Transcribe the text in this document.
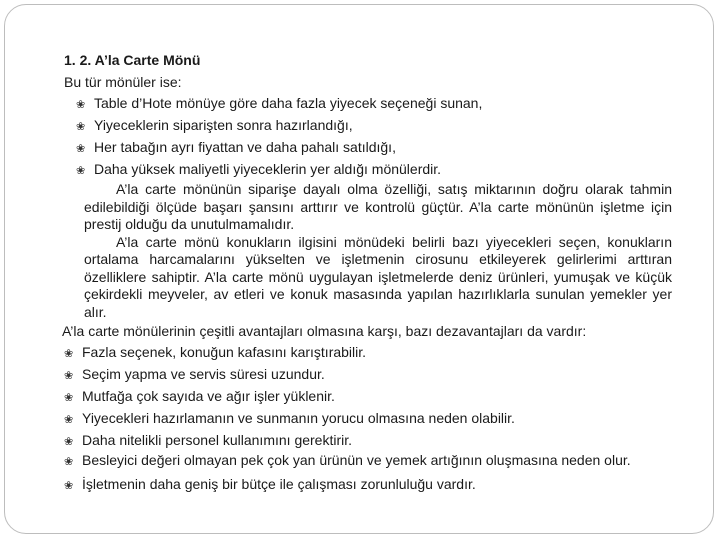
1. 2. A’la Carte Mönü
Bu tür mönüler ise:
❀ Table d’Hote mönüye göre daha fazla yiyecek seçeneği sunan,
❀ Yiyeceklerin siparişten sonra hazırlandığı,
❀ Her tabağın ayrı fiyattan ve daha pahalı satıldığı,
❀ Daha yüksek maliyetli yiyeceklerin yer aldığı mönülerdir.
A’la carte mönünün siparişe dayalı olma özelliği, satış miktarının doğru olarak tahmin edilebildiği ölçüde başarı şansını arttırır ve kontrolü güçtür. A’la carte mönünün işletme için prestij olduğu da unutulmamalıdır.
A’la carte mönü konukların ilgisini mönüdeki belirli bazı yiyecekleri seçen, konukların ortalama harcamalarını yükselten ve işletmenin cirosunu etkileyerek gelirlerimi arttıran özelliklere sahiptir. A’la carte mönü uygulayan işletmelerde deniz ürünleri, yumuşak ve küçük çekirdekli meyveler, av etleri ve konuk masasında yapılan hazırlıklarla sunulan yemekler yer alır.
A’la carte mönülerinin çeşitli avantajları olmasına karşı, bazı dezavantajları da vardır:
❀ Fazla seçenek, konuğun kafasını karıştırabilir.
❀ Seçim yapma ve servis süresi uzundur.
❀ Mutfağa çok sayıda ve ağır işler yüklenir.
❀ Yiyecekleri hazırlamanın ve sunmanın yorucu olmasına neden olabilir.
❀ Daha nitelikli personel kullanımını gerektirir.
❀ Besleyici değeri olmayan pek çok yan ürünün ve yemek artığının oluşmasına neden olur.
❀ İşletmenin daha geniş bir bütçe ile çalışması zorunluluğu vardır.
